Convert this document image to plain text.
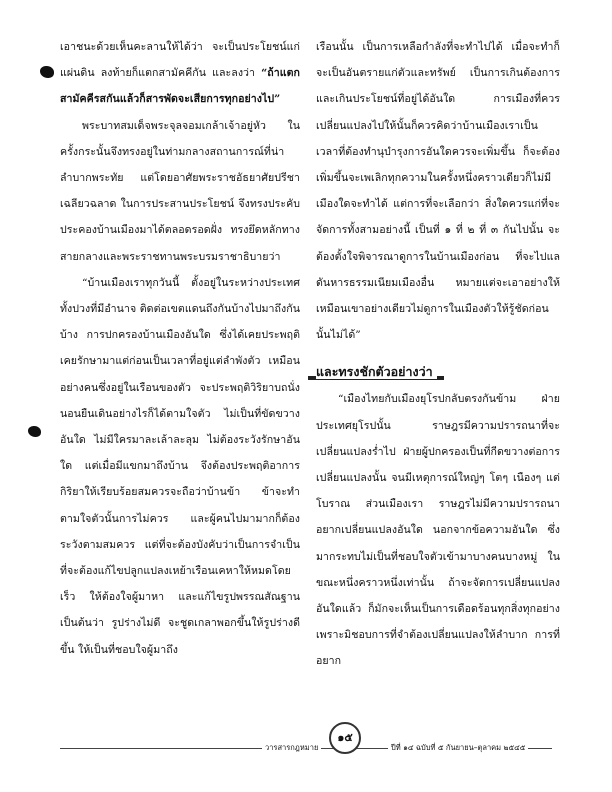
เอาชนะด้วยเห็นคะลานให้ได้ว่า จะเป็นประโยชน์แก่แผ่นดิน ลงท้ายก็แตกสามัคคีกัน และลงว่า “ถ้าแตกสามัคคีรสกันแล้วก็สารพัดจะเสียการทุกอย่างไป”

พระบาทสมเด็จพระจุลจอมเกล้าเจ้าอยู่หัว ในครั้งกระนั้นจึงทรงอยู่ในท่ามกลางสถานการณ์ที่น่าลำบากพระทัย แต่โดยอาศัยพระราชอัธยาศัยปรีชาเฉลียวฉลาด ในการประสานประโยชน์ จึงทรงประคับประคองบ้านเมืองมาได้ตลอดรอดฝั่ง ทรงยึดหลักทางสายกลางและพระราชทานพระบรมราชาธิบายว่า

“บ้านเมืองเราทุกวันนี้ ตั้งอยู่ในระหว่างประเทศทั้งปวงที่มีอำนาจ ติดต่อเขตแดนถึงกันบ้างไปมาถึงกันบ้าง การปกครองบ้านเมืองอันใด ซึ่งได้เคยประพฤติเคยรักษามาแต่ก่อนเป็นเวลาที่อยู่แต่ลำพังตัว เหมือนอย่างคนซึ่งอยู่ในเรือนของตัว จะประพฤติวิริยาบถนั่งนอนยืนเดินอย่างไรก็ได้ตามใจตัว ไม่เป็นที่ขัดขวางอันใด ไม่มีใครมาละเล้าละลุม ไม่ต้องระวังรักษาอันใด แต่เมื่อมีแขกมาถึงบ้าน จึงต้องประพฤติอาการกิริยาให้เรียบร้อยสมควรจะถือว่าบ้านข้า ข้าจะทำตามใจตัวนั้นการไม่ควร และผู้คนไปมามากก็ต้องระวังตามสมควร แต่ที่จะต้องบังคับว่าเป็นการจำเป็นที่จะต้องแก้ไขปลูกแปลงเหย้าเรือนเคหาให้หมดโดยเร็ว ให้ต้องใจผู้มาหา และแก้ไขรูปพรรณสัณฐาน เป็นต้นว่า รูปร่างไม่ดี จะชูดเกลาพอกขึ้นให้รูปร่างดีขึ้น ให้เป็นที่ชอบใจผู้มาถึง

เรือนนั้น เป็นการเหลือกำลังที่จะทำไปได้ เมื่อจะทำก็จะเป็นอันตรายแก่ตัวและทรัพย์ เป็นการเกินต้องการและเกินประโยชน์ที่อยู่ได้อันใด การเมืองที่ควรเปลี่ยนแปลงไปให้นั้นก็ควรคิดว่าบ้านเมืองเราเป็นเวลาที่ต้องทำนุบำรุงการอันใดควรจะเพิ่มขึ้น ก็จะต้องเพิ่มขึ้นจะเพเลิกทุกความในครั้งหนึ่งคราวเดียวก็ไม่มีเมืองใดจะทำได้ แต่การที่จะเลือกว่า สิ่งใดควรแก่ที่จะจัดการทั้งสามอย่างนี้ เป็นที่ ๑ ที่ ๒ ที่ ๓ กันไปนั้น จะต้องตั้งใจพิจารณาดูการในบ้านเมืองก่อน ที่จะไปแลดันหารธรรมเนียมเมืองอื่น หมายแต่จะเอาอย่างให้เหมือนเขาอย่างเดียวไม่ดูการในเมืองตัวให้รู้ชัดก่อนนั้นไม่ได้”

และทรงชักตัวอย่างว่า

“เมืองไทยกับเมืองยุโรปกลับตรงกันข้าม ฝ่ายประเทศยุโรปนั้น ราษฎรมีความปรารถนาที่จะเปลี่ยนแปลงร่ำไป ฝ่ายผู้ปกครองเป็นที่กีดขวางต่อการเปลี่ยนแปลงนั้น จนมีเหตุการณ์ใหญ่ๆ โตๆ เนืองๆ แต่โบราณ ส่วนเมืองเรา ราษฎรไม่มีความปรารถนาอยากเปลี่ยนแปลงอันใด นอกจากข้อความอันใด ซึ่งมากระทบไม่เป็นที่ชอบใจตัวเข้ามาบางคนบางหมู่ ในขณะหนึ่งคราวหนึ่งเท่านั้น ถ้าจะจัดการเปลี่ยนแปลงอันใดแล้ว ก็มักจะเห็นเป็นการเดือดร้อนทุกสิ่งทุกอย่าง เพราะมิชอบการที่จำต้องเปลี่ยนแปลงให้ลำบาก การที่อยาก

วารสารกฎหมาย
๑๕
ปีที่ ๑๔ ฉบับที่ ๕ กันยายน–ตุลาคม ๒๕๔๕
